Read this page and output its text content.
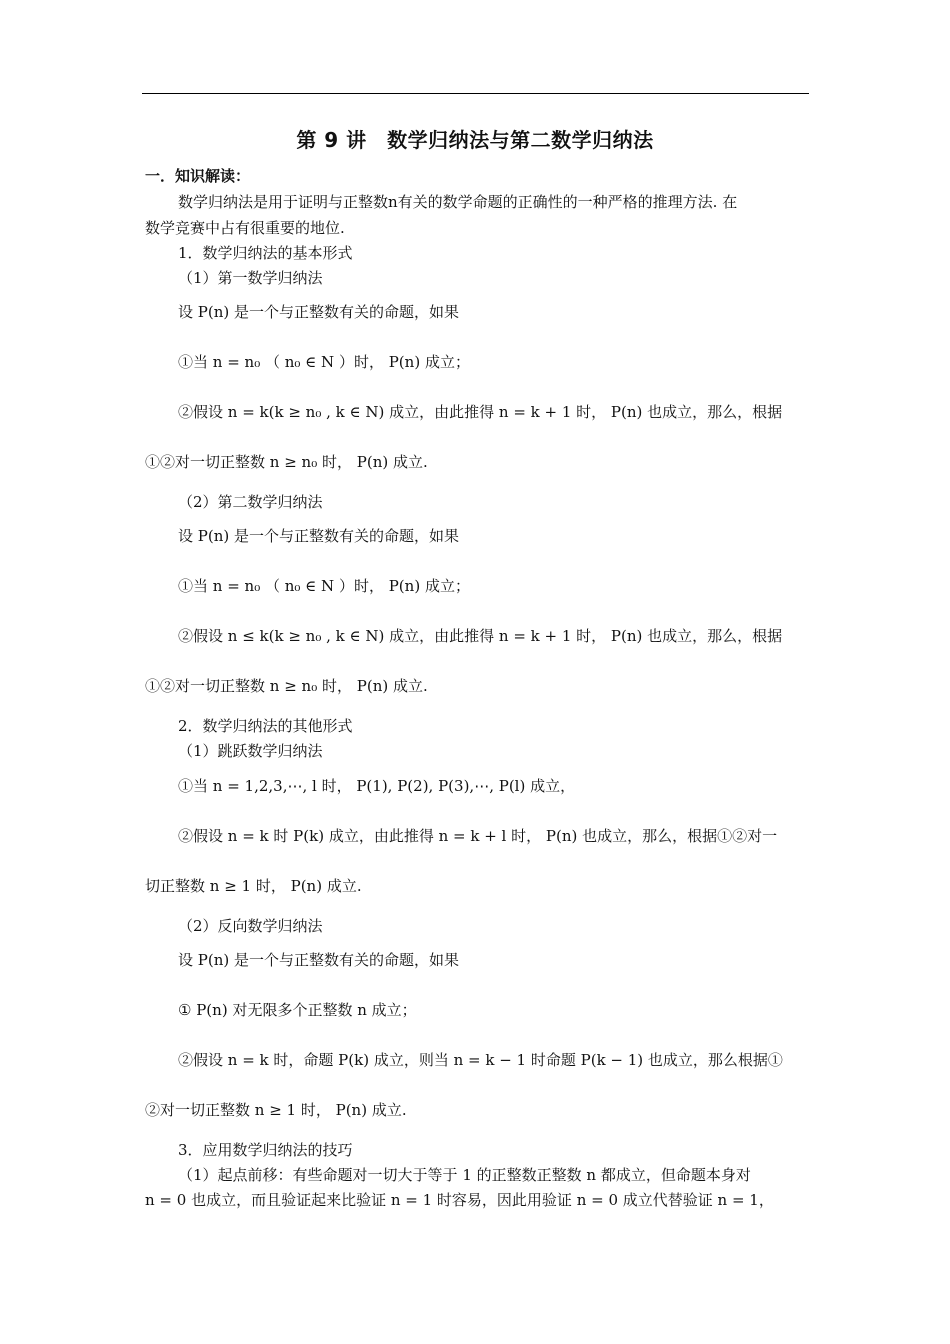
第 9 讲　数学归纳法与第二数学归纳法
一．知识解读：
数学归纳法是用于证明与正整数n有关的数学命题的正确性的一种严格的推理方法. 在
数学竞赛中占有很重要的地位.
1．数学归纳法的基本形式
（1）第一数学归纳法
设 P(n) 是一个与正整数有关的命题，如果
①当 n = n₀ （ n₀ ∈ N ）时， P(n) 成立；
②假设 n = k(k ≥ n₀ , k ∈ N) 成立，由此推得 n = k + 1 时， P(n) 也成立，那么，根据
①②对一切正整数 n ≥ n₀ 时， P(n) 成立.
（2）第二数学归纳法
设 P(n) 是一个与正整数有关的命题，如果
①当 n = n₀ （ n₀ ∈ N ）时， P(n) 成立；
②假设 n ≤ k(k ≥ n₀ , k ∈ N) 成立，由此推得 n = k + 1 时， P(n) 也成立，那么，根据
①②对一切正整数 n ≥ n₀ 时， P(n) 成立.
2．数学归纳法的其他形式
（1）跳跃数学归纳法
①当 n = 1,2,3,⋯, l 时， P(1), P(2), P(3),⋯, P(l) 成立，
②假设 n = k 时 P(k) 成立，由此推得 n = k + l 时， P(n) 也成立，那么，根据①②对一
切正整数 n ≥ 1 时， P(n) 成立.
（2）反向数学归纳法
设 P(n) 是一个与正整数有关的命题，如果
① P(n) 对无限多个正整数 n 成立；
②假设 n = k 时，命题 P(k) 成立，则当 n = k − 1 时命题 P(k − 1) 也成立，那么根据①
②对一切正整数 n ≥ 1 时， P(n) 成立.
3．应用数学归纳法的技巧
（1）起点前移：有些命题对一切大于等于 1 的正整数正整数 n 都成立，但命题本身对
n = 0 也成立，而且验证起来比验证 n = 1 时容易，因此用验证 n = 0 成立代替验证 n = 1，
